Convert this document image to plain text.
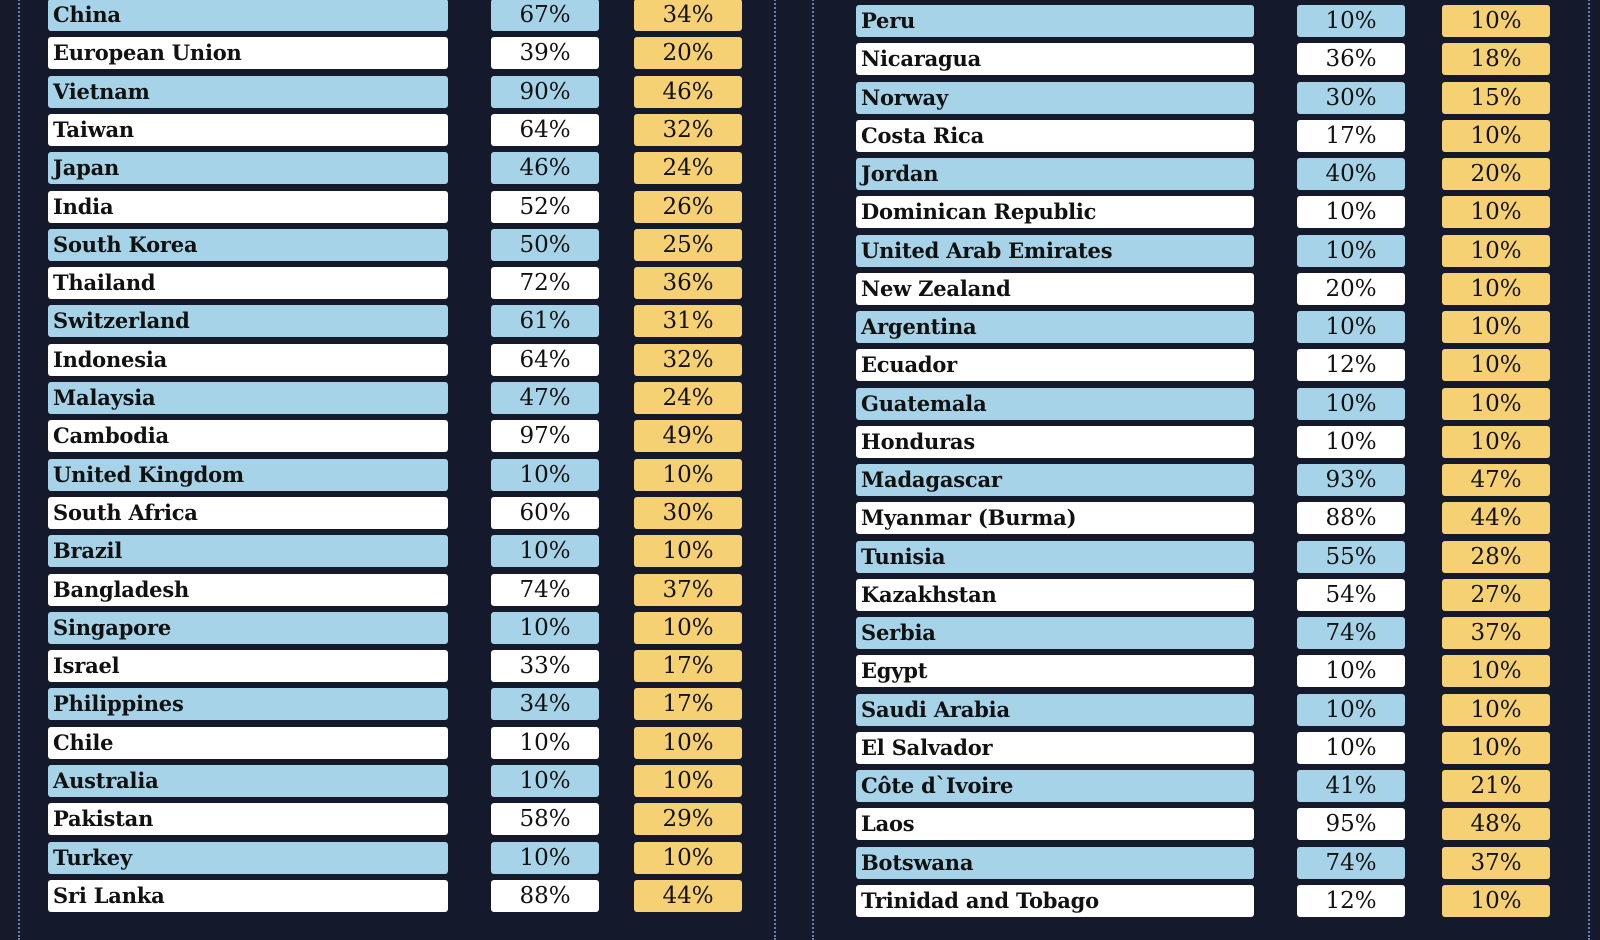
China	67%	34%
European Union	39%	20%
Vietnam	90%	46%
Taiwan	64%	32%
Japan	46%	24%
India	52%	26%
South Korea	50%	25%
Thailand	72%	36%
Switzerland	61%	31%
Indonesia	64%	32%
Malaysia	47%	24%
Cambodia	97%	49%
United Kingdom	10%	10%
South Africa	60%	30%
Brazil	10%	10%
Bangladesh	74%	37%
Singapore	10%	10%
Israel	33%	17%
Philippines	34%	17%
Chile	10%	10%
Australia	10%	10%
Pakistan	58%	29%
Turkey	10%	10%
Sri Lanka	88%	44%
Peru	10%	10%
Nicaragua	36%	18%
Norway	30%	15%
Costa Rica	17%	10%
Jordan	40%	20%
Dominican Republic	10%	10%
United Arab Emirates	10%	10%
New Zealand	20%	10%
Argentina	10%	10%
Ecuador	12%	10%
Guatemala	10%	10%
Honduras	10%	10%
Madagascar	93%	47%
Myanmar (Burma)	88%	44%
Tunisia	55%	28%
Kazakhstan	54%	27%
Serbia	74%	37%
Egypt	10%	10%
Saudi Arabia	10%	10%
El Salvador	10%	10%
Côte d`Ivoire	41%	21%
Laos	95%	48%
Botswana	74%	37%
Trinidad and Tobago	12%	10%
